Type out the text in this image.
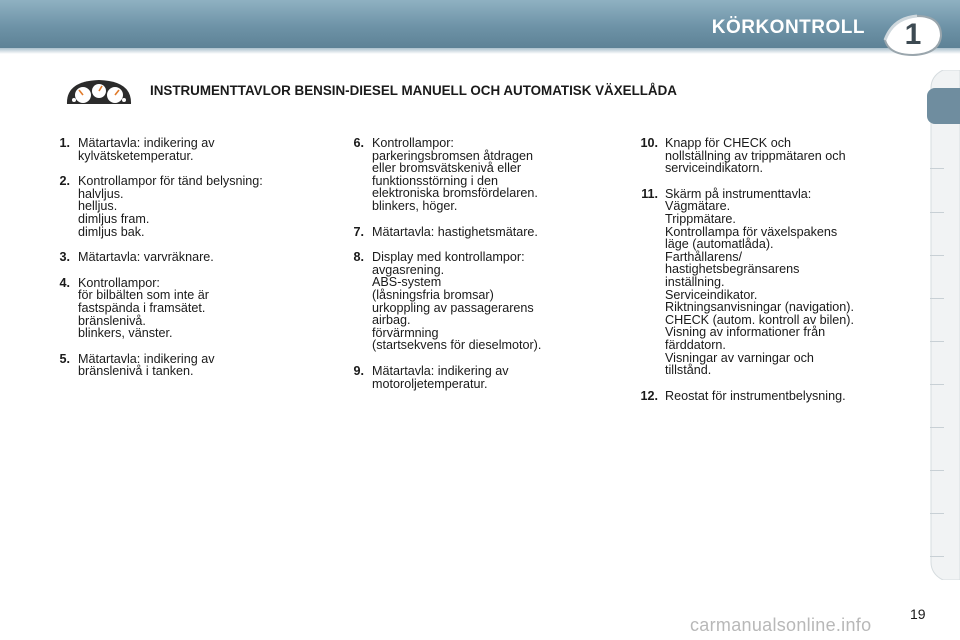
KÖRKONTROLL	1
INSTRUMENTTAVLOR BENSIN-DIESEL MANUELL OCH AUTOMATISK VÄXELLÅDA
1. Mätartavla: indikering av
kylvätsketemperatur.
2. Kontrollampor för tänd belysning:
halvljus.
helljus.
dimljus fram.
dimljus bak.
3. Mätartavla: varvräknare.
4. Kontrollampor:
för bilbälten som inte är
fastspända i framsätet.
bränslenivå.
blinkers, vänster.
5. Mätartavla: indikering av
bränslenivå i tanken.
6. Kontrollampor:
parkeringsbromsen åtdragen
eller bromsvätskenivå eller
funktionsstörning i den
elektroniska bromsfördelaren.
blinkers, höger.
7. Mätartavla: hastighetsmätare.
8. Display med kontrollampor:
avgasrening.
ABS-system
(låsningsfria bromsar)
urkoppling av passagerarens
airbag.
förvärmning
(startsekvens för dieselmotor).
9. Mätartavla: indikering av
motoroljetemperatur.
10. Knapp för CHECK och
nollställning av trippmätaren och
serviceindikatorn.
11. Skärm på instrumenttavla:
Vägmätare.
Trippmätare.
Kontrollampa för växelspakens
läge (automatlåda).
Farthållarens/
hastighetsbegränsarens
inställning.
Serviceindikator.
Riktningsanvisningar (navigation).
CHECK (autom. kontroll av bilen).
Visning av informationer från
färddatorn.
Visningar av varningar och
tillstånd.
12. Reostat för instrumentbelysning.
19
carmanualsonline.info
